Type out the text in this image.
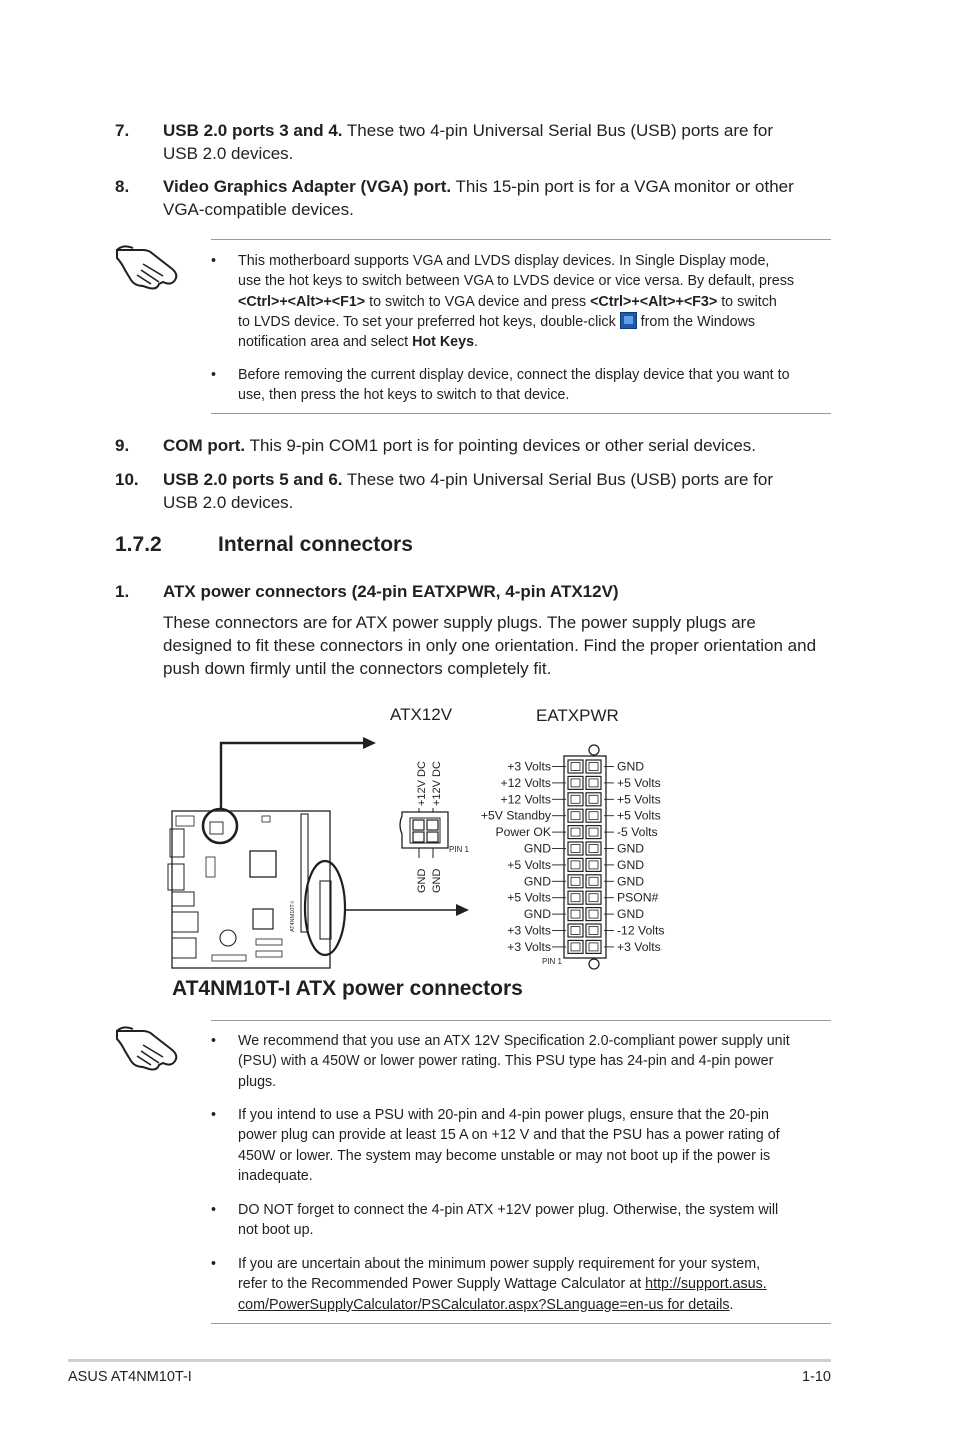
7. USB 2.0 ports 3 and 4. These two 4-pin Universal Serial Bus (USB) ports are for
USB 2.0 devices.
8. Video Graphics Adapter (VGA) port. This 15-pin port is for a VGA monitor or other
VGA-compatible devices.
• This motherboard supports VGA and LVDS display devices. In Single Display mode,
use the hot keys to switch between VGA to LVDS device or vice versa. By default, press
<Ctrl>+<Alt>+<F1> to switch to VGA device and press <Ctrl>+<Alt>+<F3> to switch
to LVDS device. To set your preferred hot keys, double-click
from the Windows
notification area and select Hot Keys.
• Before removing the current display device, connect the display device that you want to
use, then press the hot keys to switch to that device.
9. COM port. This 9-pin COM1 port is for pointing devices or other serial devices.
10. USB 2.0 ports 5 and 6. These two 4-pin Universal Serial Bus (USB) ports are for
USB 2.0 devices.
1.7.2	Internal connectors
1. ATX power connectors (24-pin EATXPWR, 4-pin ATX12V)
These connectors are for ATX power supply plugs. The power supply plugs are
designed to fit these connectors in only one orientation. Find the proper orientation and
push down firmly until the connectors completely fit.
ATX12V	EATXPWR
AT4NM10T-I
+12V DC +12V DC
GND GND
PIN 1
+3 Volts	GND
+12 Volts	+5 Volts
+12 Volts	+5 Volts
+5V Standby	+5 Volts
Power OK	-5 Volts
GND	GND
+5 Volts	GND
GND	GND
+5 Volts	PSON#
GND	GND
+3 Volts	-12 Volts
+3 Volts	+3 Volts
PIN 1
AT4NM10T-I ATX power connectors
• We recommend that you use an ATX 12V Specification 2.0-compliant power supply unit
(PSU) with a 450W or lower power rating. This PSU type has 24-pin and 4-pin power
plugs.
• If you intend to use a PSU with 20-pin and 4-pin power plugs, ensure that the 20-pin
power plug can provide at least 15 A on +12 V and that the PSU has a power rating of
450W or lower. The system may become unstable or may not boot up if the power is
inadequate.
• DO NOT forget to connect the 4-pin ATX +12V power plug. Otherwise, the system will
not boot up.
• If you are uncertain about the minimum power supply requirement for your system,
refer to the Recommended Power Supply Wattage Calculator at http://support.asus.
com/PowerSupplyCalculator/PSCalculator.aspx?SLanguage=en-us for details.
ASUS AT4NM10T-I	1-10
